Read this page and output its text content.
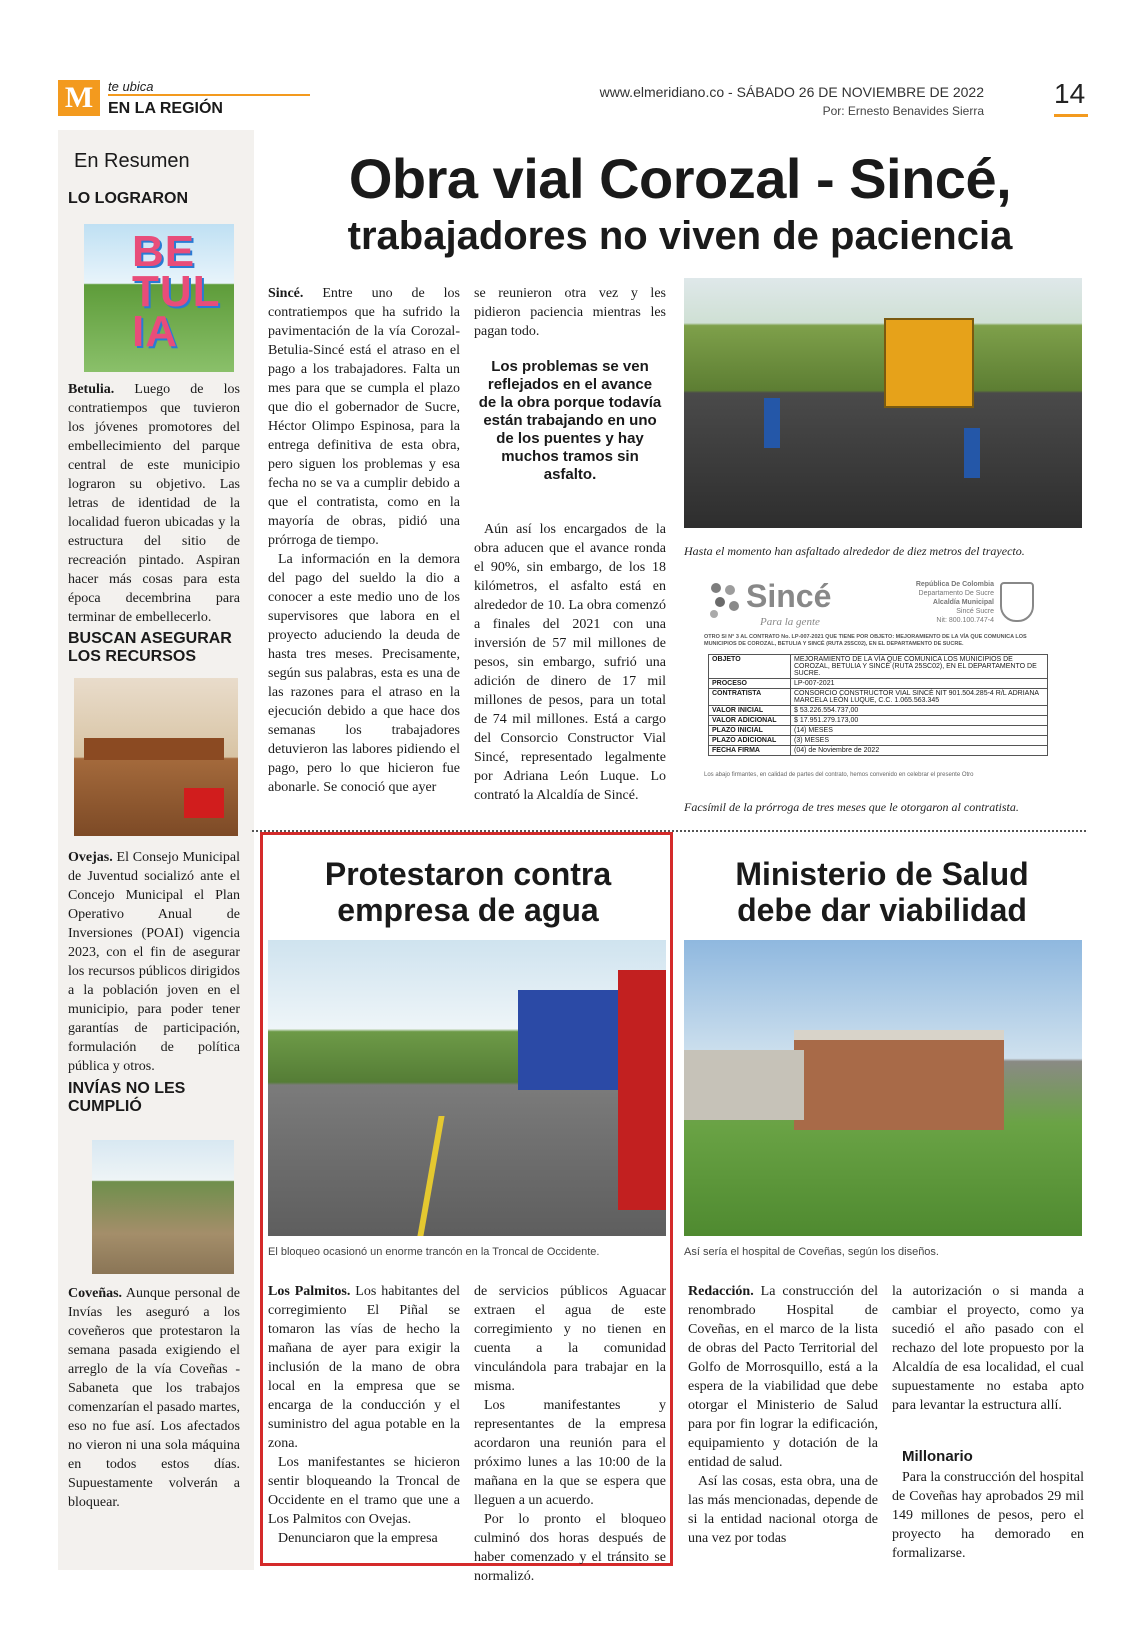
M	te ubica
EN LA REGIÓN
www.elmeridiano.co - SÁBADO 26 DE NOVIEMBRE DE 2022
Por: Ernesto Benavides Sierra
14
En Resumen
LO LOGRARON
BETULIA
Betulia. Luego de los contratiempos que tuvieron los jóvenes promotores del embellecimiento del parque central de este municipio lograron su objetivo. Las letras de identidad de la localidad fueron ubicadas y la estructura del sitio de recreación pintado. Aspiran hacer más cosas para esta época decembrina para terminar de embellecerlo.
BUSCAN ASEGURAR LOS RECURSOS
Ovejas. El Consejo Municipal de Juventud socializó ante el Concejo Municipal el Plan Operativo Anual de Inversiones (POAI) vigencia 2023, con el fin de asegurar los recursos públicos dirigidos a la población joven en el municipio, para poder tener garantías de participación, formulación de política pública y otros.
INVÍAS NO LES CUMPLIÓ
Coveñas. Aunque personal de Invías les aseguró a los coveñeros que protestaron la semana pasada exigiendo el arreglo de la vía Coveñas - Sabaneta que los trabajos comenzarían el pasado martes, eso no fue así. Los afectados no vieron ni una sola máquina en todos estos días. Supuestamente volverán a bloquear.
Obra vial Corozal - Sincé,
trabajadores no viven de paciencia

Sincé. Entre uno de los contratiempos que ha sufrido la pavimentación de la vía Corozal-Betulia-Sincé está el atraso en el pago a los trabajadores. Falta un mes para que se cumpla el plazo que dio el gobernador de Sucre, Héctor Olimpo Espinosa, para la entrega definitiva de esta obra, pero siguen los problemas y esa fecha no se va a cumplir debido a que el contratista, como en la mayoría de obras, pidió una prórroga de tiempo.

La información en la demora del pago del sueldo la dio a conocer a este medio uno de los supervisores que labora en el proyecto aduciendo la deuda de hasta tres meses. Precisamente, según sus palabras, esta es una de las razones para el atraso en la ejecución debido a que hace dos semanas los trabajadores detuvieron las labores pidiendo el pago, pero lo que hicieron fue abonarle. Se conoció que ayer

se reunieron otra vez y les pidieron paciencia mientras les pagan todo.

Los problemas se ven reflejados en el avance de la obra porque todavía están trabajando en uno de los puentes y hay muchos tramos sin asfalto.

Aún así los encargados de la obra aducen que el avance ronda el 90%, sin embargo, de los 18 kilómetros, el asfalto está en alrededor de 10. La obra comenzó a finales del 2021 con una inversión de 57 mil millones de pesos, sin embargo, sufrió una adición de dinero de 17 mil millones de pesos, para un total de 74 mil millones. Está a cargo del Consorcio Constructor Vial Sincé, representado legalmente por Adriana León Luque. Lo contrató la Alcaldía de Sincé.

Hasta el momento han asfaltado alrededor de diez metros del trayecto.
Sincé
Para la gente
República De Colombia
Departamento De Sucre
Alcaldía Municipal
Sincé Sucre
Nit: 800.100.747-4
OTRO SI N° 3 AL CONTRATO No. LP-007-2021 QUE TIENE POR OBJETO: MEJORAMIENTO DE LA VÍA QUE COMUNICA LOS MUNICIPIOS DE COROZAL, BETULIA Y SINCÉ (RUTA 25SC02), EN EL DEPARTAMENTO DE SUCRE.
OBJETO	MEJORAMIENTO DE LA VÍA QUE COMUNICA LOS MUNICIPIOS DE COROZAL, BETULIA Y SINCÉ (RUTA 25SC02), EN EL DEPARTAMENTO DE SUCRE.
PROCESO	LP-007-2021
CONTRATISTA	CONSORCIO CONSTRUCTOR VIAL SINCÉ NIT 901.504.285-4 R/L ADRIANA MARCELA LEÓN LUQUE, C.C. 1.065.563.345
VALOR INICIAL	$ 53.226.554.737,00
VALOR ADICIONAL	$ 17.951.279.173,00
PLAZO INICIAL	(14) MESES
PLAZO ADICIONAL	(3) MESES
FECHA FIRMA	(04) de Noviembre de 2022
Los abajo firmantes, en calidad de partes del contrato, hemos convenido en celebrar el presente Otro
Facsímil de la prórroga de tres meses que le otorgaron al contratista.
Protestaron contra empresa de agua
El bloqueo ocasionó un enorme trancón en la Troncal de Occidente.

Los Palmitos. Los habitantes del corregimiento El Piñal se tomaron las vías de hecho la mañana de ayer para exigir la inclusión de la mano de obra local en la empresa que se encarga de la conducción y el suministro del agua potable en la zona.

Los manifestantes se hicieron sentir bloqueando la Troncal de Occidente en el tramo que une a Los Palmitos con Ovejas.

Denunciaron que la empresa

de servicios públicos Aguacar extraen el agua de este corregimiento y no tienen en cuenta a la comunidad vinculándola para trabajar en la misma.

Los manifestantes y representantes de la empresa acordaron una reunión para el próximo lunes a las 10:00 de la mañana en la que se espera que lleguen a un acuerdo.

Por lo pronto el bloqueo culminó dos horas después de haber comenzado y el tránsito se normalizó.

Ministerio de Salud debe dar viabilidad
Así sería el hospital de Coveñas, según los diseños.

Redacción. La construcción del renombrado Hospital de Coveñas, en el marco de la lista de obras del Pacto Territorial del Golfo de Morrosquillo, está a la espera de la viabilidad que debe otorgar el Ministerio de Salud para por fin lograr la edificación, equipamiento y dotación de la entidad de salud.

Así las cosas, esta obra, una de las más mencionadas, depende de si la entidad nacional otorga de una vez por todas

la autorización o si manda a cambiar el proyecto, como ya sucedió el año pasado con el rechazo del lote propuesto por la Alcaldía de esa localidad, el cual supuestamente no estaba apto para levantar la estructura allí.

Millonario

Para la construcción del hospital de Coveñas hay aprobados 29 mil 149 millones de pesos, pero el proyecto ha demorado en formalizarse.
